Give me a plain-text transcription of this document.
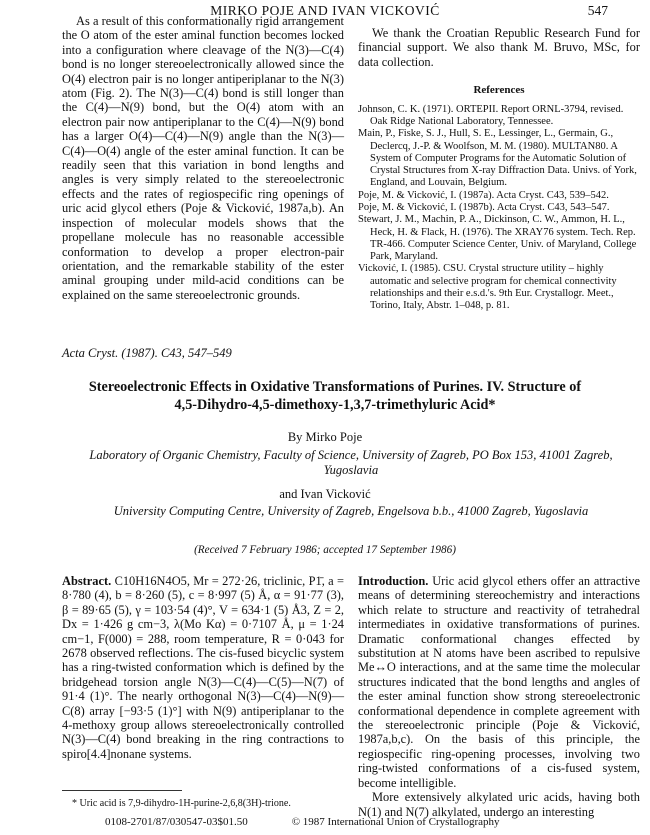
MIRKO POJE AND IVAN VICKOVIĆ	547

As a result of this conformationally rigid arrangement the O atom of the ester aminal function becomes locked into a configuration where cleavage of the N(3)—C(4) bond is no longer stereoelectronically allowed since the O(4) electron pair is no longer antiperiplanar to the N(3) atom (Fig. 2). The N(3)—C(4) bond is still longer than the C(4)—N(9) bond, but the O(4) atom with an electron pair now antiperiplanar to the C(4)—N(9) bond has a larger O(4)—C(4)—N(9) angle than the N(3)—C(4)—O(4) angle of the ester aminal function. It can be readily seen that this variation in bond lengths and angles is very simply related to the stereoelectronic effects and the rates of regiospecific ring openings of uric acid glycol ethers (Poje & Vicković, 1987a,b). An inspection of molecular models shows that the propellane molecule has no reasonable accessible conformation to develop a proper electron-pair orientation, and the remarkable stability of the ester aminal grouping under mild-acid conditions can be explained on the same stereoelectronic grounds.

We thank the Croatian Republic Research Fund for financial support. We also thank M. Bruvo, MSc, for data collection.

References

Johnson, C. K. (1971). ORTEPII. Report ORNL-3794, revised. Oak Ridge National Laboratory, Tennessee.

Main, P., Fiske, S. J., Hull, S. E., Lessinger, L., Germain, G., Declercq, J.-P. & Woolfson, M. M. (1980). MULTAN80. A System of Computer Programs for the Automatic Solution of Crystal Structures from X-ray Diffraction Data. Univs. of York, England, and Louvain, Belgium.

Poje, M. & Vicković, I. (1987a). Acta Cryst. C43, 539–542.

Poje, M. & Vicković, I. (1987b). Acta Cryst. C43, 543–547.

Stewart, J. M., Machin, P. A., Dickinson, C. W., Ammon, H. L., Heck, H. & Flack, H. (1976). The XRAY76 system. Tech. Rep. TR-466. Computer Science Center, Univ. of Maryland, College Park, Maryland.

Vicković, I. (1985). CSU. Crystal structure utility – highly automatic and selective program for chemical connectivity relationships and their e.s.d.'s. 9th Eur. Crystallogr. Meet., Torino, Italy, Abstr. 1–048, p. 81.

Acta Cryst. (1987). C43, 547–549
Stereoelectronic Effects in Oxidative Transformations of Purines. IV. Structure of
4,5-Dihydro-4,5-dimethoxy-1,3,7-trimethyluric Acid*
By Mirko Poje
Laboratory of Organic Chemistry, Faculty of Science, University of Zagreb, PO Box 153, 41001 Zagreb, Yugoslavia
and Ivan Vicković
University Computing Centre, University of Zagreb, Engelsova b.b., 41000 Zagreb, Yugoslavia
(Received 7 February 1986; accepted 17 September 1986)

Abstract. C10H16N4O5, Mr = 272·26, triclinic, P1̄, a = 8·780 (4), b = 8·260 (5), c = 8·997 (5) Å, α = 91·77 (3), β = 89·65 (5), γ = 103·54 (4)°, V = 634·1 (5) Å3, Z = 2, Dx = 1·426 g cm−3, λ(Mo Kα) = 0·7107 Å, μ = 1·24 cm−1, F(000) = 288, room temperature, R = 0·043 for 2678 observed reflections. The cis-fused bicyclic system has a ring-twisted conformation which is defined by the bridgehead torsion angle N(3)—C(4)—C(5)—N(7) of 91·4 (1)°. The nearly orthogonal N(3)—C(4)—N(9)—C(8) array [−93·5 (1)°] with N(9) antiperiplanar to the 4-methoxy group allows stereoelectronically controlled N(3)—C(4) bond breaking in the ring contractions to spiro[4.4]nonane systems.

* Uric acid is 7,9-dihydro-1H-purine-2,6,8(3H)-trione.

Introduction. Uric acid glycol ethers offer an attractive means of determining stereochemistry and interactions which relate to structure and reactivity of tetrahedral intermediates in oxidative transformations of purines. Dramatic conformational changes effected by substitution at N atoms have been ascribed to repulsive Me↔O interactions, and at the same time the molecular structures indicated that the bond lengths and angles of the ester aminal function show strong stereoelectronic conformational dependence in complete agreement with the stereoelectronic principle (Poje & Vicković, 1987a,b,c). On the basis of this principle, the regiospecific ring-opening processes, involving two ring-twisted conformations of a cis-fused system, become intelligible.

More extensively alkylated uric acids, having both N(1) and N(7) alkylated, undergo an interesting

0108-2701/87/030547-03$01.50	© 1987 International Union of Crystallography
